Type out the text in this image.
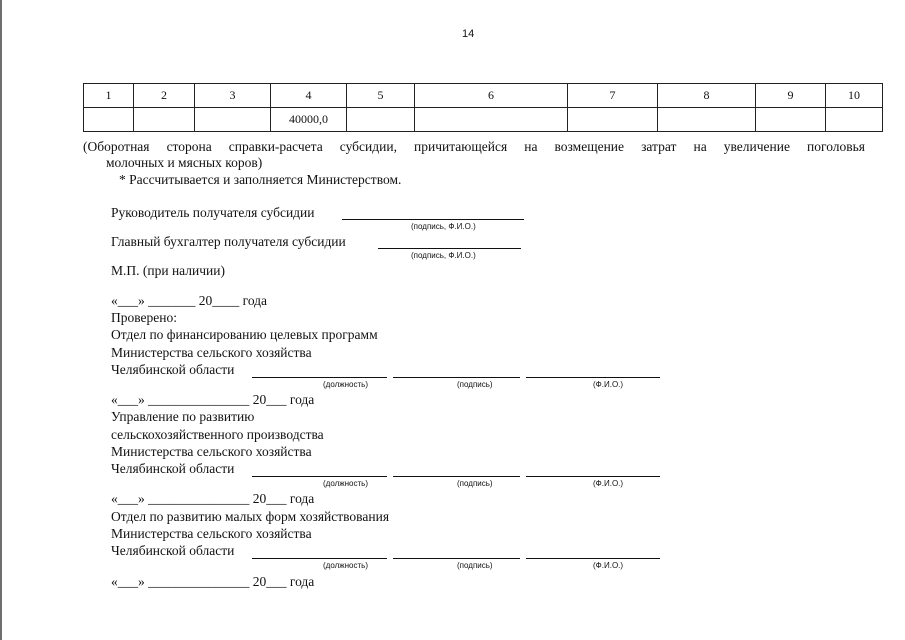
14
1	2	3	4	5	6	7	8	9	10
			40000,0						
(Оборотная сторона справки-расчета субсидии, причитающейся на возмещение затрат на увеличение поголовья
молочных и мясных коров)
* Рассчитывается и заполняется Министерством.
Руководитель получателя субсидии
(подпись, Ф.И.О.)
Главный бухгалтер получателя субсидии
(подпись, Ф.И.О.)
М.П. (при наличии)
«___» _______ 20____ года
Проверено:
Отдел по финансированию целевых программ
Министерства сельского хозяйства
Челябинской области
(должность)	(подпись)	(Ф.И.О.)
«___» _______________ 20___ года
Управление по развитию
сельскохозяйственного производства
Министерства сельского хозяйства
Челябинской области
(должность)	(подпись)	(Ф.И.О.)
«___» _______________ 20___ года
Отдел по развитию малых форм хозяйствования
Министерства сельского хозяйства
Челябинской области
(должность)	(подпись)	(Ф.И.О.)
«___» _______________ 20___ года
